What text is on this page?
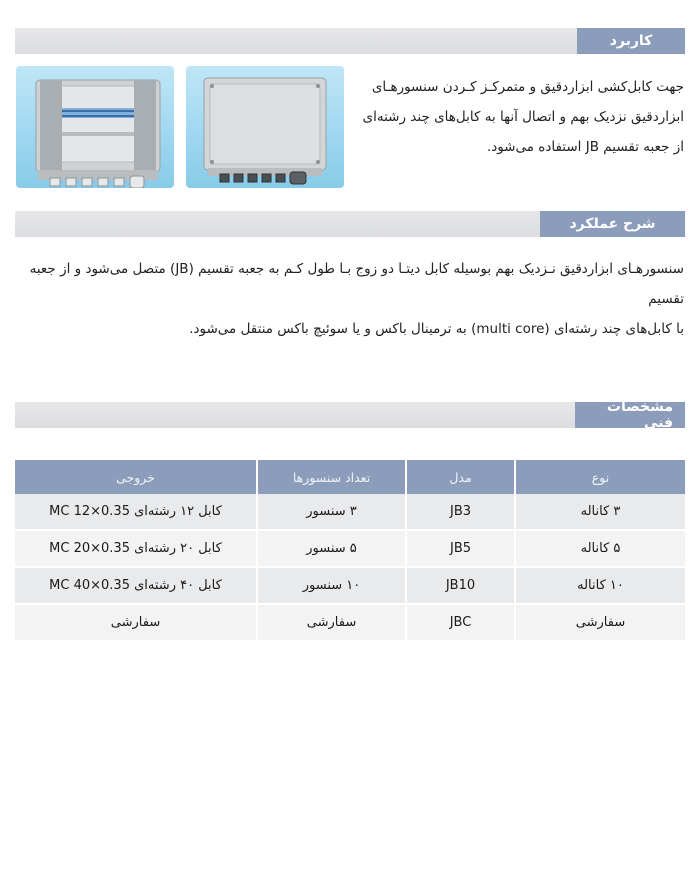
کاربرد
جهت کابل‌کشی ابزاردقیق و متمرکـز کـردن سنسورهـای
ابزاردقیق نزدیک بهم و اتصال آنها به کابل‌های چند رشته‌ای
از جعبه تقسیم JB استفاده می‌شود.
شرح عملکرد
سنسورهـای ابزاردقیق نـزدیک بهم بوسیله کابل دیتـا دو زوج بـا طول کـم به جعبه تقسیم (JB) متصل می‌شود و از جعبه تقسیم
با کابل‌های چند رشته‌ای (multi core) به ترمینال باکس و یا سوئیچ باکس منتقل می‌شود.
مشخصات فنی
نوع	مدل	تعداد سنسورها	خروجی
۳ کاناله	JB3	۳ سنسور	کابل ۱۲ رشته‌ای MC 12×0.35
۵ کاناله	JB5	۵ سنسور	کابل ۲۰ رشته‌ای MC 20×0.35
۱۰ کاناله	JB10	۱۰ سنسور	کابل ۴۰ رشته‌ای MC 40×0.35
سفارشی	JBC	سفارشی	سفارشی
